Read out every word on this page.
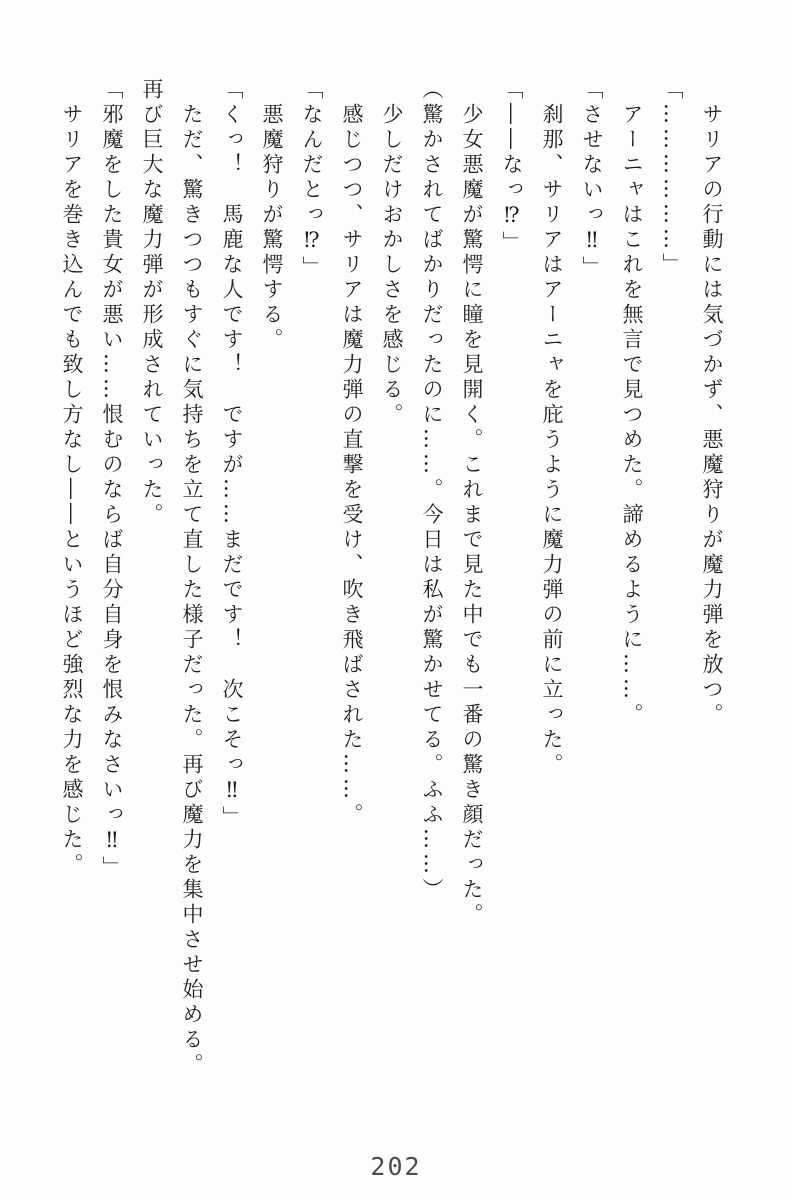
サリアの行動には気づかず、悪魔狩りが魔力弾を放つ。

「………………」

アーニャはこれを無言で見つめた。諦めるように……。

「させないっ‼」

刹那、サリアはアーニャを庇うように魔力弾の前に立った。

「――なっ⁉」

少女悪魔が驚愕に瞳を見開く。これまで見た中でも一番の驚き顔だった。

（驚かされてばかりだったのに……。今日は私が驚かせてる。ふふ……）

少しだけおかしさを感じる。

感じつつ、サリアは魔力弾の直撃を受け、吹き飛ばされた……。

「なんだとっ⁉」

悪魔狩りが驚愕する。

「くっ！　馬鹿な人です！　ですが……まだです！　次こそっ‼」

ただ、驚きつつもすぐに気持ちを立て直した様子だった。再び魔力を集中させ始める。

再び巨大な魔力弾が形成されていった。

「邪魔をした貴女が悪い……恨むのならば自分自身を恨みなさいっ‼」

サリアを巻き込んでも致し方なし――というほど強烈な力を感じた。

202
